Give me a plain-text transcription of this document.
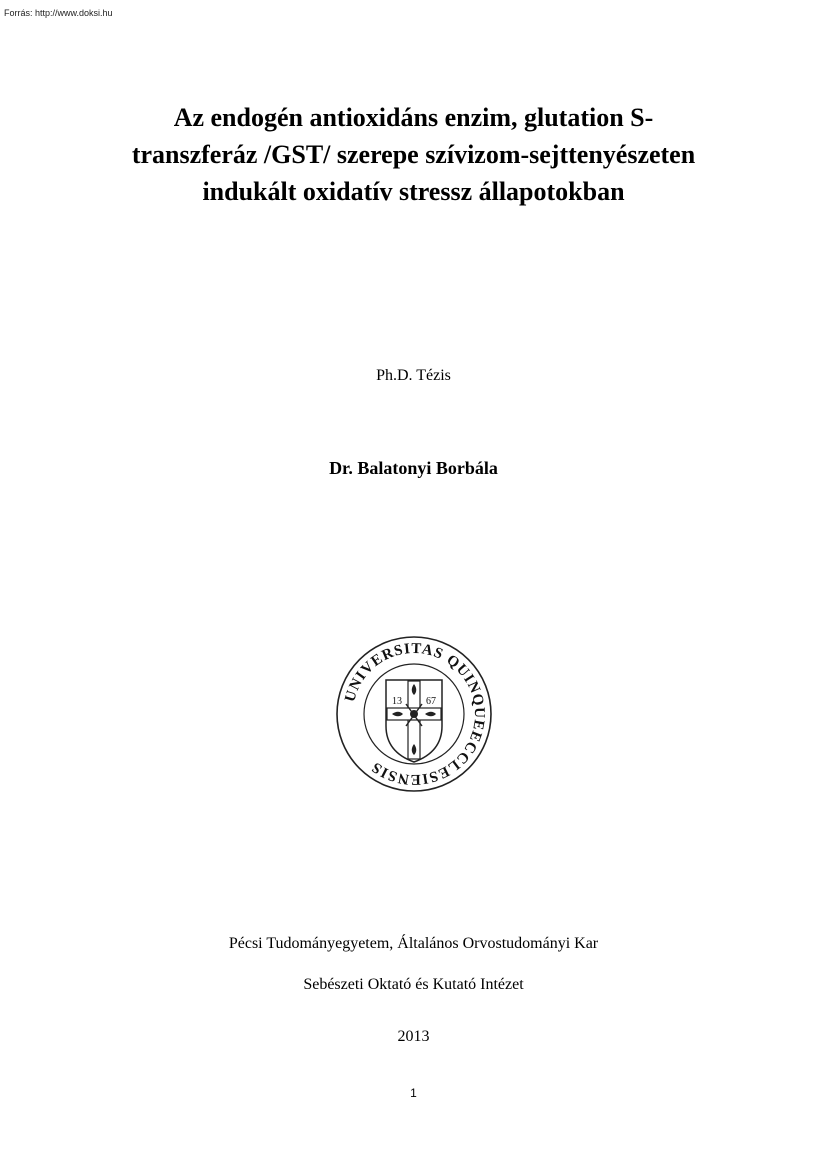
Forrás: http://www.doksi.hu
Az endogén antioxidáns enzim, glutation S-
transzferáz /GST/ szerepe szívizom-sejttenyészeten
indukált oxidatív stressz állapotokban
Ph.D. Tézis
Dr. Balatonyi Borbála
UNIVERSITAS QUINQUEECCLESIENSIS
13 67
Pécsi Tudományegyetem, Általános Orvostudományi Kar
Sebészeti Oktató és Kutató Intézet
2013
1
